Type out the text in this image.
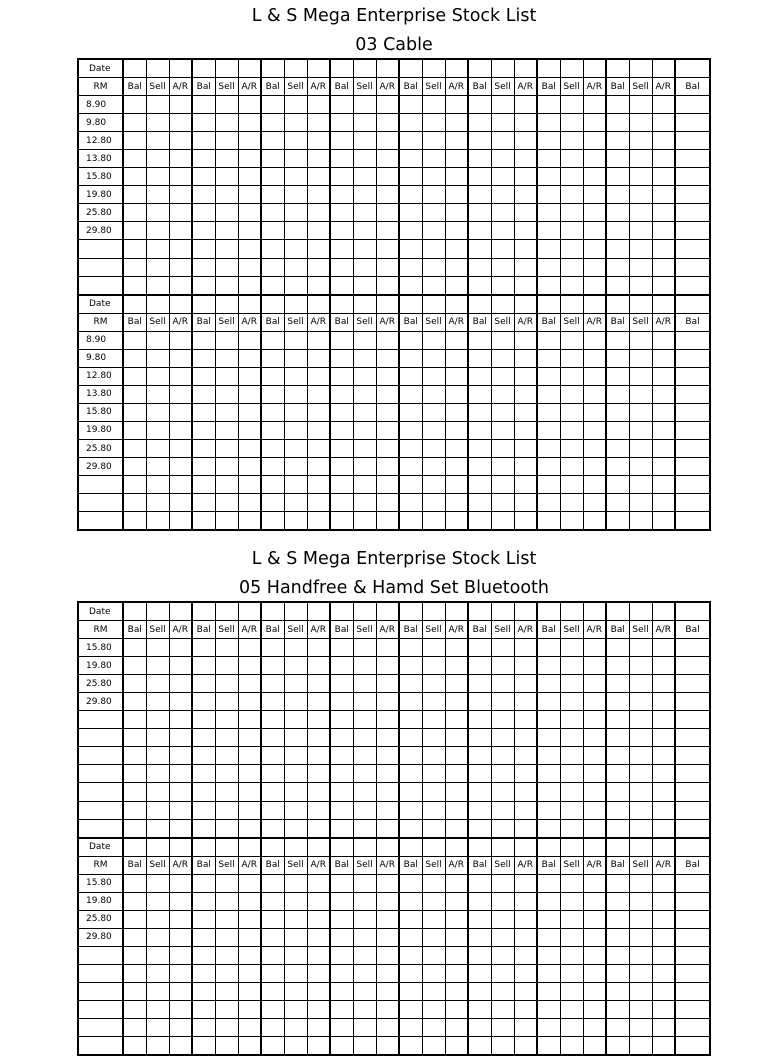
L & S Mega Enterprise Stock List
03 Cable
Date																									
RM	Bal	Sell	A/R	Bal	Sell	A/R	Bal	Sell	A/R	Bal	Sell	A/R	Bal	Sell	A/R	Bal	Sell	A/R	Bal	Sell	A/R	Bal	Sell	A/R	Bal
8.90																									
9.80																									
12.80																									
13.80																									
15.80																									
19.80																									
25.80																									
29.80																									

Date																									
RM	Bal	Sell	A/R	Bal	Sell	A/R	Bal	Sell	A/R	Bal	Sell	A/R	Bal	Sell	A/R	Bal	Sell	A/R	Bal	Sell	A/R	Bal	Sell	A/R	Bal
8.90																									
9.80																									
12.80																									
13.80																									
15.80																									
19.80																									
25.80																									
29.80																									

L & S Mega Enterprise Stock List
05 Handfree & Hamd Set Bluetooth
Date																									
RM	Bal	Sell	A/R	Bal	Sell	A/R	Bal	Sell	A/R	Bal	Sell	A/R	Bal	Sell	A/R	Bal	Sell	A/R	Bal	Sell	A/R	Bal	Sell	A/R	Bal
15.80																									
19.80																									
25.80																									
29.80																									

Date																									
RM	Bal	Sell	A/R	Bal	Sell	A/R	Bal	Sell	A/R	Bal	Sell	A/R	Bal	Sell	A/R	Bal	Sell	A/R	Bal	Sell	A/R	Bal	Sell	A/R	Bal
15.80																									
19.80																									
25.80																									
29.80																									
